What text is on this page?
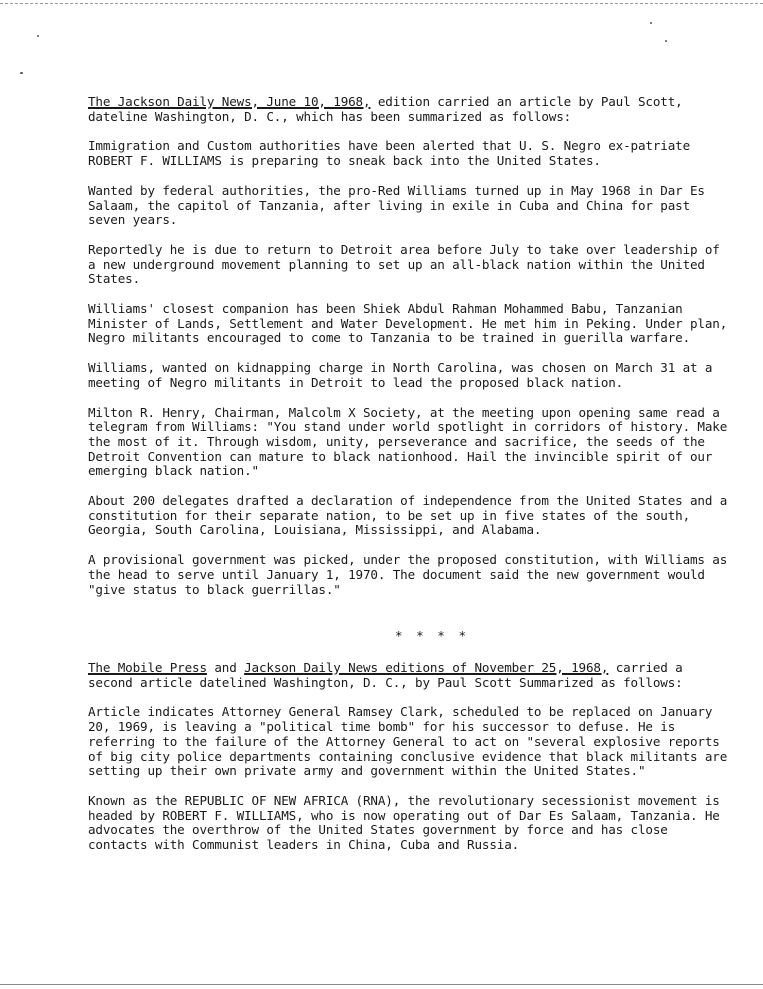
The Jackson Daily News, June 10, 1968, edition carried an article by Paul Scott, dateline Washington, D. C., which has been summarized as follows:

Immigration and Custom authorities have been alerted that U. S. Negro ex-patriate ROBERT F. WILLIAMS is preparing to sneak back into the United States.

Wanted by federal authorities, the pro-Red Williams turned up in May 1968 in Dar Es Salaam, the capitol of Tanzania, after living in exile in Cuba and China for past seven years.

Reportedly he is due to return to Detroit area before July to take over leadership of a new underground movement planning to set up an all-black nation within the United States.

Williams' closest companion has been Shiek Abdul Rahman Mohammed Babu, Tanzanian Minister of Lands, Settlement and Water Development. He met him in Peking. Under plan, Negro militants encouraged to come to Tanzania to be trained in guerilla warfare.

Williams, wanted on kidnapping charge in North Carolina, was chosen on March 31 at a meeting of Negro militants in Detroit to lead the proposed black nation.

Milton R. Henry, Chairman, Malcolm X Society, at the meeting upon opening same read a telegram from Williams: "You stand under world spotlight in corridors of history. Make the most of it. Through wisdom, unity, perseverance and sacrifice, the seeds of the Detroit Convention can mature to black nationhood. Hail the invincible spirit of our emerging black nation."

About 200 delegates drafted a declaration of independence from the United States and a constitution for their separate nation, to be set up in five states of the south, Georgia, South Carolina, Louisiana, Mississippi, and Alabama.

A provisional government was picked, under the proposed constitution, with Williams as the head to serve until January 1, 1970. The document said the new government would "give status to black guerrillas."

* * * *

The Mobile Press and Jackson Daily News editions of November 25, 1968, carried a second article datelined Washington, D. C., by Paul Scott Summarized as follows:

Article indicates Attorney General Ramsey Clark, scheduled to be replaced on January 20, 1969, is leaving a "political time bomb" for his successor to defuse. He is referring to the failure of the Attorney General to act on "several explosive reports of big city police departments containing conclusive evidence that black militants are setting up their own private army and government within the United States."

Known as the REPUBLIC OF NEW AFRICA (RNA), the revolutionary secessionist movement is headed by ROBERT F. WILLIAMS, who is now operating out of Dar Es Salaam, Tanzania. He advocates the overthrow of the United States government by force and has close contacts with Communist leaders in China, Cuba and Russia.
